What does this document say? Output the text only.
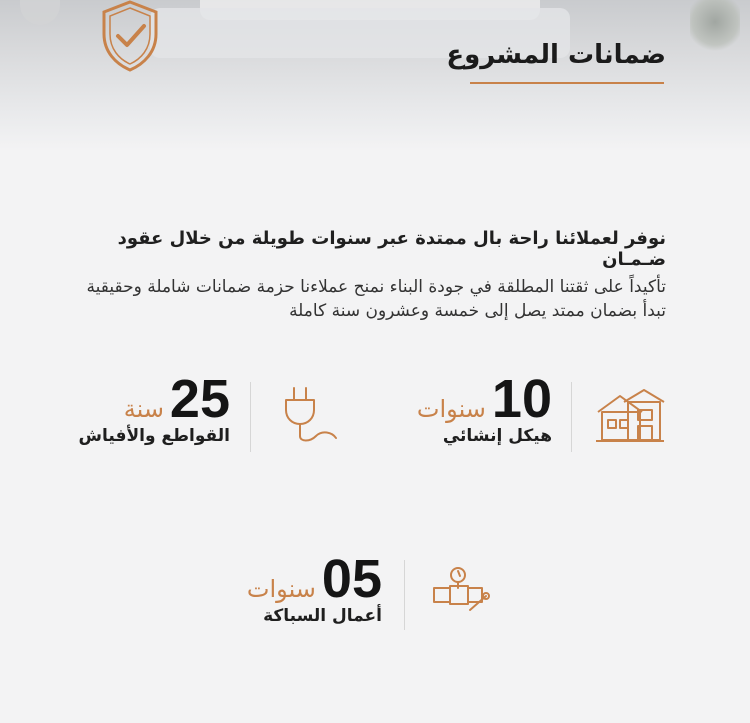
ضمانات المشروع

نوفر لعملائنا راحة بال ممتدة عبر سنوات طويلة من خلال عقود ضـمـان

تأكيداً على ثقتنا المطلقة في جودة البناء نمنح عملاءنا حزمة ضمانات شاملة وحقيقية تبدأ بضمان ممتد يصل إلى خمسة وعشرون سنة كاملة

10
سنوات
هيكل إنشائي
25
سنة
القواطع والأفياش
05
سنوات
أعمال السباكة
